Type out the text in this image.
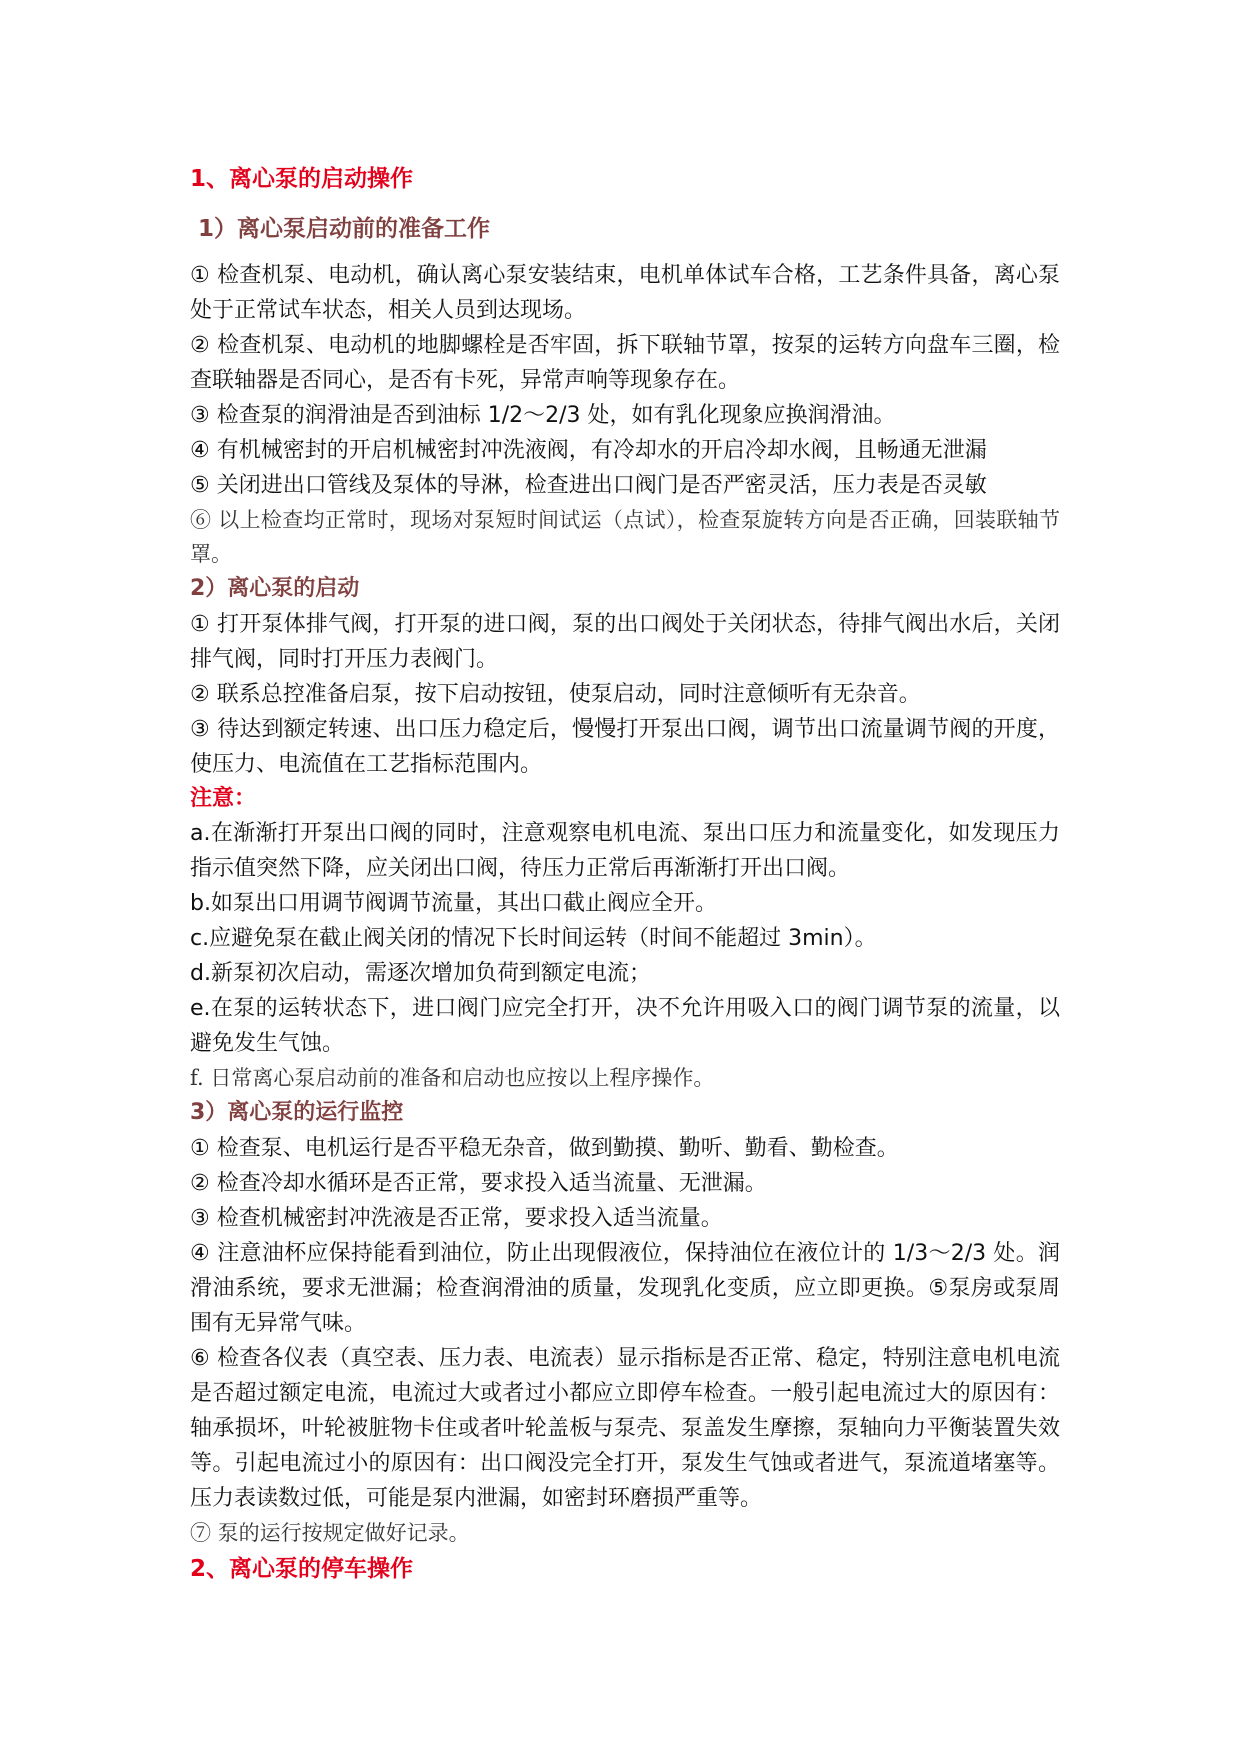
1、离心泵的启动操作
1）离心泵启动前的准备工作

① 检查机泵、电动机，确认离心泵安装结束，电机单体试车合格，工艺条件具备，离心泵处于正常试车状态，相关人员到达现场。

② 检查机泵、电动机的地脚螺栓是否牢固，拆下联轴节罩，按泵的运转方向盘车三圈，检查联轴器是否同心，是否有卡死，异常声响等现象存在。

③ 检查泵的润滑油是否到油标 1/2～2/3 处，如有乳化现象应换润滑油。

④ 有机械密封的开启机械密封冲洗液阀，有冷却水的开启冷却水阀，且畅通无泄漏

⑤ 关闭进出口管线及泵体的导淋，检查进出口阀门是否严密灵活，压力表是否灵敏

⑥ 以上检查均正常时，现场对泵短时间试运（点试），检查泵旋转方向是否正确，回装联轴节罩。

2）离心泵的启动

① 打开泵体排气阀，打开泵的进口阀，泵的出口阀处于关闭状态，待排气阀出水后，关闭排气阀，同时打开压力表阀门。

② 联系总控准备启泵，按下启动按钮，使泵启动，同时注意倾听有无杂音。

③ 待达到额定转速、出口压力稳定后，慢慢打开泵出口阀，调节出口流量调节阀的开度，使压力、电流值在工艺指标范围内。

注意：

a.在渐渐打开泵出口阀的同时，注意观察电机电流、泵出口压力和流量变化，如发现压力指示值突然下降，应关闭出口阀，待压力正常后再渐渐打开出口阀。

b.如泵出口用调节阀调节流量，其出口截止阀应全开。

c.应避免泵在截止阀关闭的情况下长时间运转（时间不能超过 3min）。

d.新泵初次启动，需逐次增加负荷到额定电流；

e.在泵的运转状态下，进口阀门应完全打开，决不允许用吸入口的阀门调节泵的流量，以避免发生气蚀。

f. 日常离心泵启动前的准备和启动也应按以上程序操作。

3）离心泵的运行监控

① 检查泵、电机运行是否平稳无杂音，做到勤摸、勤听、勤看、勤检查。

② 检查冷却水循环是否正常，要求投入适当流量、无泄漏。

③ 检查机械密封冲洗液是否正常，要求投入适当流量。

④ 注意油杯应保持能看到油位，防止出现假液位，保持油位在液位计的 1/3～2/3 处。润滑油系统，要求无泄漏；检查润滑油的质量，发现乳化变质，应立即更换。⑤泵房或泵周围有无异常气味。

⑥ 检查各仪表（真空表、压力表、电流表）显示指标是否正常、稳定，特别注意电机电流是否超过额定电流，电流过大或者过小都应立即停车检查。一般引起电流过大的原因有：轴承损坏，叶轮被脏物卡住或者叶轮盖板与泵壳、泵盖发生摩擦，泵轴向力平衡装置失效等。引起电流过小的原因有：出口阀没完全打开，泵发生气蚀或者进气，泵流道堵塞等。压力表读数过低，可能是泵内泄漏，如密封环磨损严重等。

⑦ 泵的运行按规定做好记录。

2、离心泵的停车操作
